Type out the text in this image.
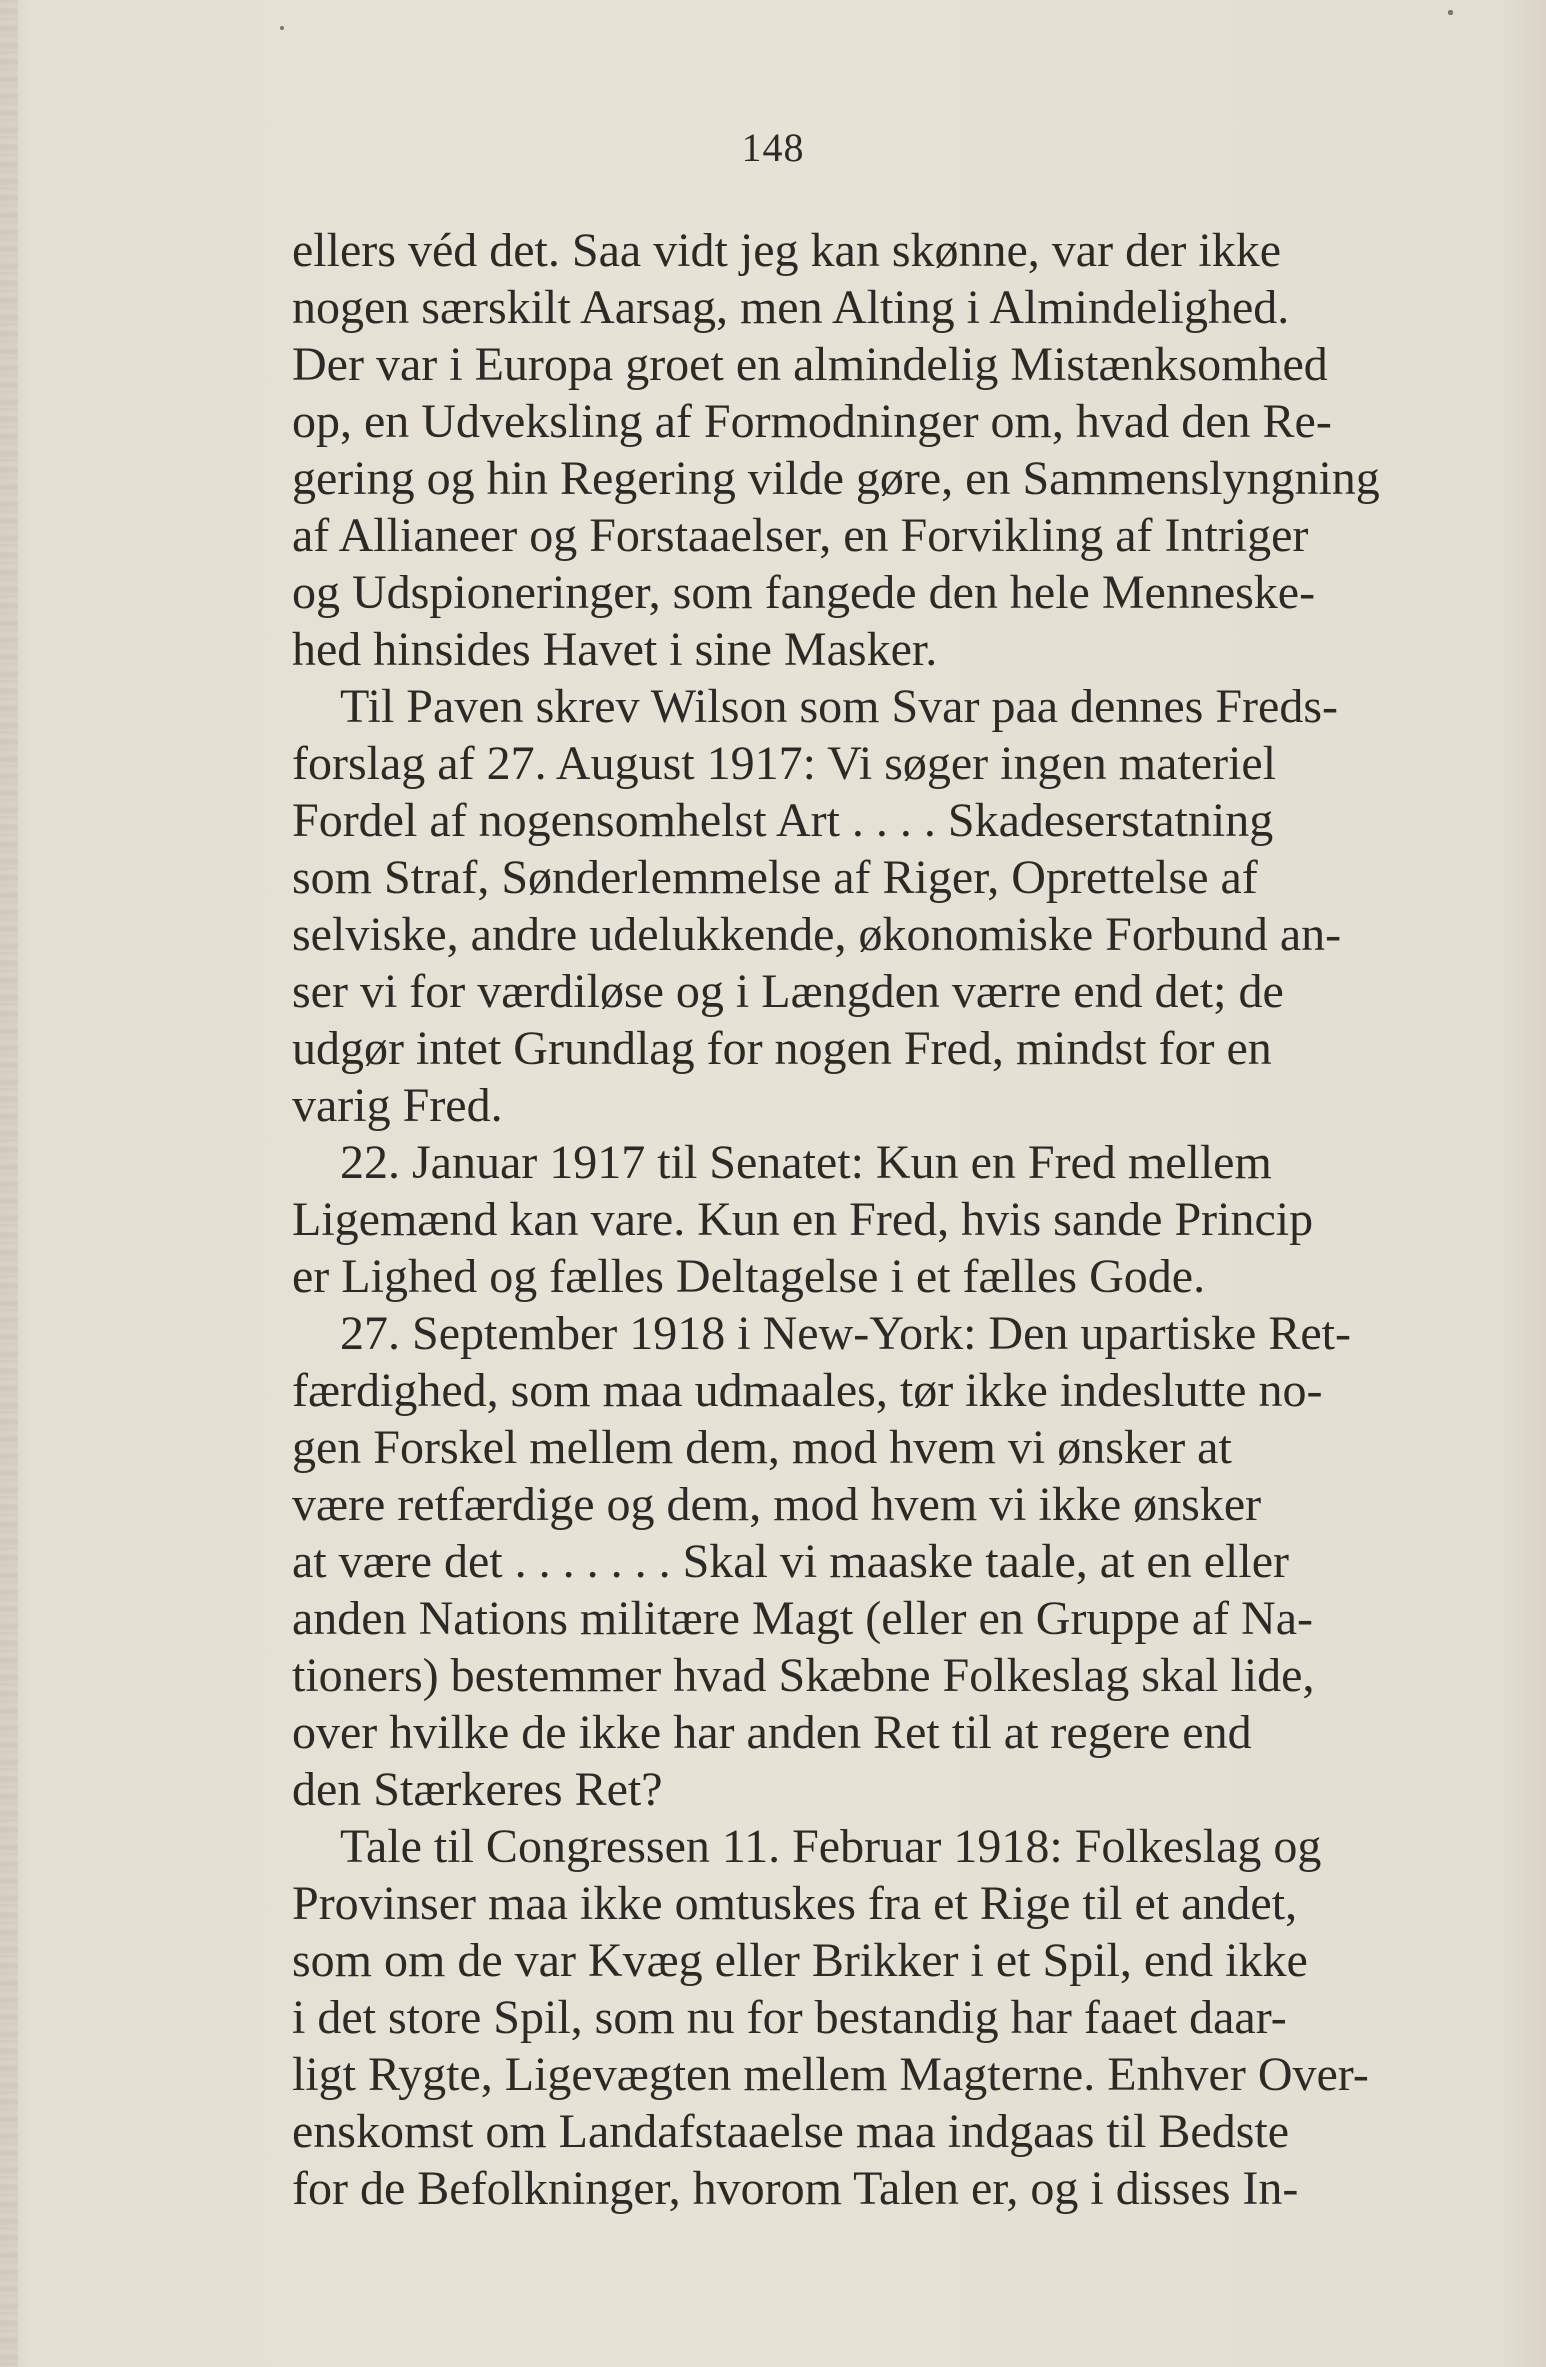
148
ellers véd det. Saa vidt jeg kan skønne, var der ikke
nogen særskilt Aarsag, men Alting i Almindelighed.
Der var i Europa groet en almindelig Mistænksomhed
op, en Udveksling af Formodninger om, hvad den Re-
gering og hin Regering vilde gøre, en Sammenslyngning
af Allianeer og Forstaaelser, en Forvikling af Intriger
og Udspioneringer, som fangede den hele Menneske-
hed hinsides Havet i sine Masker.
Til Paven skrev Wilson som Svar paa dennes Freds-
forslag af 27. August 1917: Vi søger ingen materiel
Fordel af nogensomhelst Art . . . . Skadeserstatning
som Straf, Sønderlemmelse af Riger, Oprettelse af
selviske, andre udelukkende, økonomiske Forbund an-
ser vi for værdiløse og i Længden værre end det; de
udgør intet Grundlag for nogen Fred, mindst for en
varig Fred.
22. Januar 1917 til Senatet: Kun en Fred mellem
Ligemænd kan vare. Kun en Fred, hvis sande Princip
er Lighed og fælles Deltagelse i et fælles Gode.
27. September 1918 i New-York: Den upartiske Ret-
færdighed, som maa udmaales, tør ikke indeslutte no-
gen Forskel mellem dem, mod hvem vi ønsker at
være retfærdige og dem, mod hvem vi ikke ønsker
at være det . . . . . . . Skal vi maaske taale, at en eller
anden Nations militære Magt (eller en Gruppe af Na-
tioners) bestemmer hvad Skæbne Folkeslag skal lide,
over hvilke de ikke har anden Ret til at regere end
den Stærkeres Ret?
Tale til Congressen 11. Februar 1918: Folkeslag og
Provinser maa ikke omtuskes fra et Rige til et andet,
som om de var Kvæg eller Brikker i et Spil, end ikke
i det store Spil, som nu for bestandig har faaet daar-
ligt Rygte, Ligevægten mellem Magterne. Enhver Over-
enskomst om Landafstaaelse maa indgaas til Bedste
for de Befolkninger, hvorom Talen er, og i disses In-
